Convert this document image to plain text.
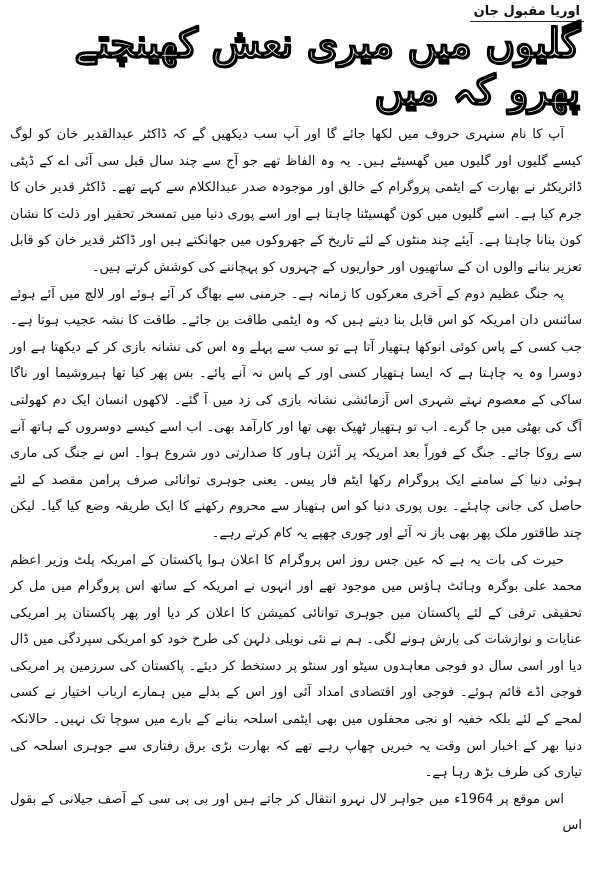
اوریا مقبول جان
گلیوں میں میری نعش کھینچتے پھرو کہ میں

آپ کا نام سنہری حروف میں لکھا جائے گا اور آپ سب دیکھیں گے کہ ڈاکٹر عبدالقدیر خان کو لوگ کیسے گلیوں اور گلیوں میں گھسیٹے ہیں۔ یہ وہ الفاظ تھے جو آج سے چند سال قبل سی آئی اے کے ڈپٹی ڈائریکٹر نے بھارت کے ایٹمی پروگرام کے خالق اور موجودہ صدر عبدالکلام سے کہے تھے۔ ڈاکٹر قدیر خان کا جرم کیا ہے۔ اسے گلیوں میں کون گھسیٹنا چاہتا ہے اور اسے پوری دنیا میں تمسخر تحقیر اور ذلت کا نشان کون بنانا چاہتا ہے۔ آیئے چند منٹوں کے لئے تاریخ کے جھروکوں میں جھانکتے ہیں اور ڈاکٹر قدیر خان کو قابل تعزیر بنانے والوں ان کے ساتھیوں اور حواریوں کے چہروں کو پہچاننے کی کوشش کرتے ہیں۔

یہ جنگ عظیم دوم کے آخری معرکوں کا زمانہ ہے۔ جرمنی سے بھاگ کر آئے ہوئے اور لالچ میں آئے ہوئے سائنس دان امریکہ کو اس قابل بنا دیتے ہیں کہ وہ ایٹمی طاقت بن جائے۔ طاقت کا نشہ عجیب ہوتا ہے۔ جب کسی کے پاس کوئی انوکھا ہتھیار آتا ہے تو سب سے پہلے وہ اس کی نشانہ بازی کر کے دیکھتا ہے اور دوسرا وہ یہ چاہتا ہے کہ ایسا ہتھیار کسی اور کے پاس نہ آنے پائے۔ بس پھر کیا تھا ہیروشیما اور ناگا ساکی کے معصوم نہتے شہری اس آزمائشی نشانہ بازی کی زد میں آ گئے۔ لاکھوں انسان ایک دم کھولتی آگ کی بھٹی میں جا گرے۔ اب تو ہتھیار ٹھیک بھی تھا اور کارآمد بھی۔ اب اسے کیسے دوسروں کے ہاتھ آنے سے روکا جائے۔ جنگ کے فوراً بعد امریکہ پر آئزن ہاور کا صدارتی دور شروع ہوا۔ اس نے جنگ کی ماری ہوئی دنیا کے سامنے ایک پروگرام رکھا ایٹم فار پیس۔ یعنی جوہری توانائی صرف پرامن مقصد کے لئے حاصل کی جانی چاہئے۔ یوں پوری دنیا کو اس ہتھیار سے محروم رکھنے کا ایک طریقہ وضع کیا گیا۔ لیکن چند طاقتور ملک پھر بھی باز نہ آئے اور چوری چھپے یہ کام کرتے رہے۔

حیرت کی بات یہ ہے کہ عین جس روز اس پروگرام کا اعلان ہوا پاکستان کے امریکہ پلٹ وزیر اعظم محمد علی بوگرہ وہائٹ ہاؤس میں موجود تھے اور انہوں نے امریکہ کے ساتھ اس پروگرام میں مل کر تحقیقی ترقی کے لئے پاکستان میں جوہری توانائی کمیشن کا اعلان کر دیا اور پھر پاکستان پر امریکی عنایات و نوازشات کی بارش ہونے لگی۔ ہم نے نئی نویلی دلہن کی طرح خود کو امریکی سپردگی میں ڈال دیا اور اسی سال دو فوجی معاہدوں سیٹو اور سنٹو پر دستخط کر دیئے۔ پاکستان کی سرزمین پر امریکی فوجی اڈے قائم ہوئے۔ فوجی اور اقتصادی امداد آئی اور اس کے بدلے میں ہمارے ارباب اختیار نے کسی لمحے کے لئے بلکہ خفیہ او نجی محفلوں میں بھی ایٹمی اسلحہ بنانے کے بارے میں سوچا تک نہیں۔ حالانکہ دنیا بھر کے اخبار اس وقت یہ خبریں چھاپ رہے تھے کہ بھارت بڑی برق رفتاری سے جوہری اسلحہ کی تیاری کی طرف بڑھ رہا ہے۔

اس موقع پر 1964ء میں جواہر لال نہرو انتقال کر جاتے ہیں اور بی بی سی کے آصف جیلانی کے بقول اس
